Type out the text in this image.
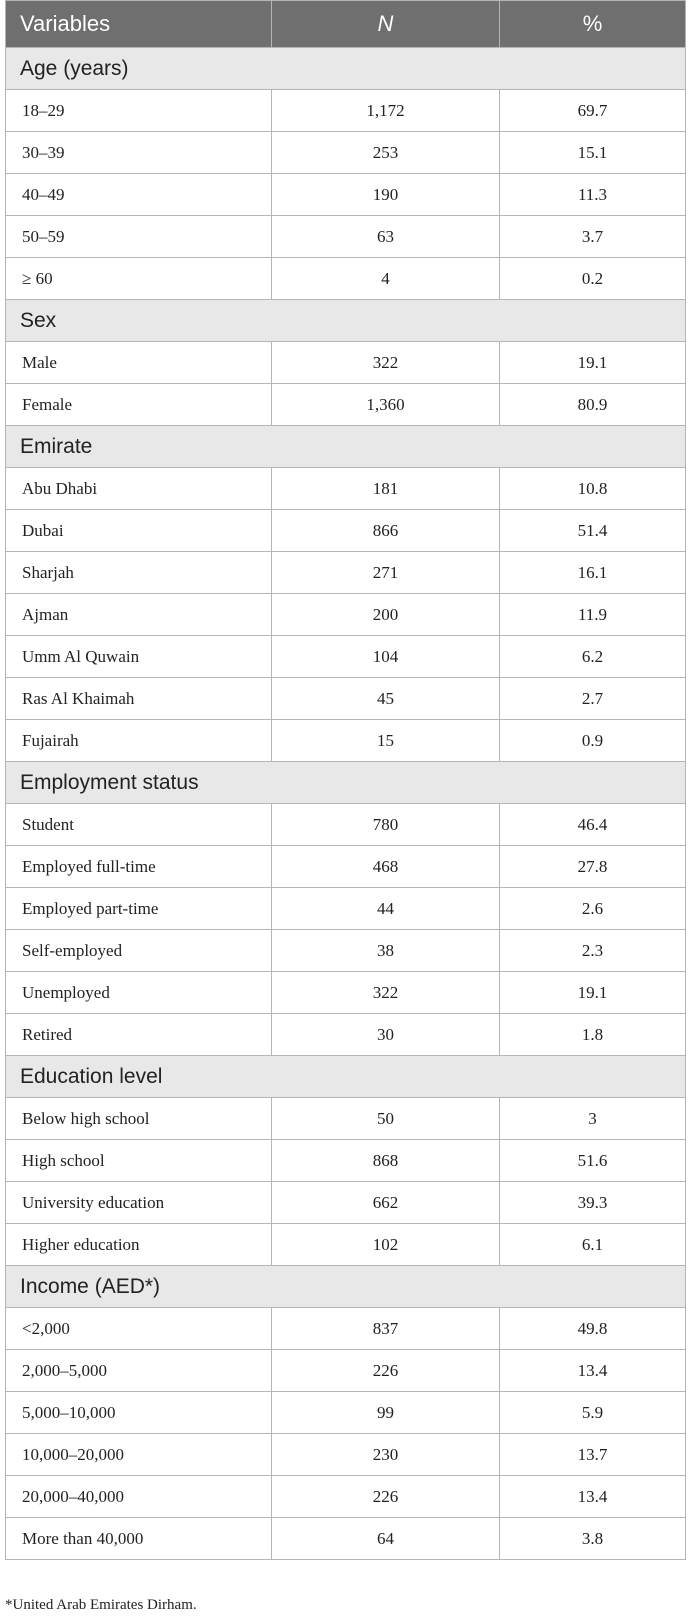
Variables	N	%
Age (years)		
18–29	1,172	69.7
30–39	253	15.1
40–49	190	11.3
50–59	63	3.7
≥ 60	4	0.2
Sex		
Male	322	19.1
Female	1,360	80.9
Emirate		
Abu Dhabi	181	10.8
Dubai	866	51.4
Sharjah	271	16.1
Ajman	200	11.9
Umm Al Quwain	104	6.2
Ras Al Khaimah	45	2.7
Fujairah	15	0.9
Employment status		
Student	780	46.4
Employed full-time	468	27.8
Employed part-time	44	2.6
Self-employed	38	2.3
Unemployed	322	19.1
Retired	30	1.8
Education level		
Below high school	50	3
High school	868	51.6
University education	662	39.3
Higher education	102	6.1
Income (AED*)		
<2,000	837	49.8
2,000–5,000	226	13.4
5,000–10,000	99	5.9
10,000–20,000	230	13.7
20,000–40,000	226	13.4
More than 40,000	64	3.8
*United Arab Emirates Dirham.
